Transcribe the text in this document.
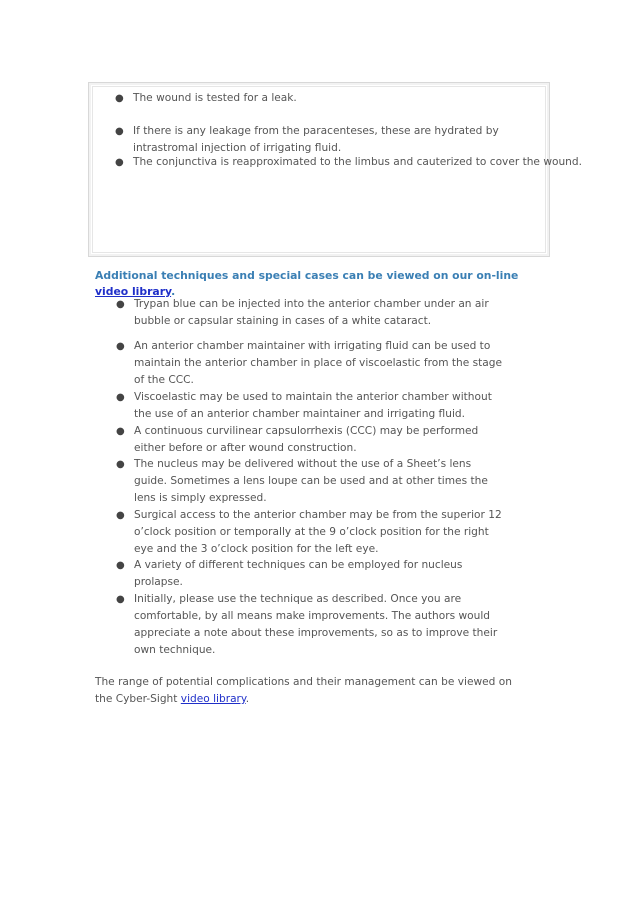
● The wound is tested for a leak.
● If there is any leakage from the paracenteses, these are hydrated by
intrastromal injection of irrigating fluid.
● The conjunctiva is reapproximated to the limbus and cauterized to cover the wound.
Additional techniques and special cases can be viewed on our on-line
video library.
● Trypan blue can be injected into the anterior chamber under an air
bubble or capsular staining in cases of a white cataract.
● An anterior chamber maintainer with irrigating fluid can be used to
maintain the anterior chamber in place of viscoelastic from the stage
of the CCC.
● Viscoelastic may be used to maintain the anterior chamber without
the use of an anterior chamber maintainer and irrigating fluid.
● A continuous curvilinear capsulorrhexis (CCC) may be performed
either before or after wound construction.
● The nucleus may be delivered without the use of a Sheet’s lens
guide. Sometimes a lens loupe can be used and at other times the
lens is simply expressed.
● Surgical access to the anterior chamber may be from the superior 12
o’clock position or temporally at the 9 o’clock position for the right
eye and the 3 o’clock position for the left eye.
● A variety of different techniques can be employed for nucleus
prolapse.
● Initially, please use the technique as described. Once you are
comfortable, by all means make improvements. The authors would
appreciate a note about these improvements, so as to improve their
own technique.
The range of potential complications and their management can be viewed on
the Cyber-Sight video library.
